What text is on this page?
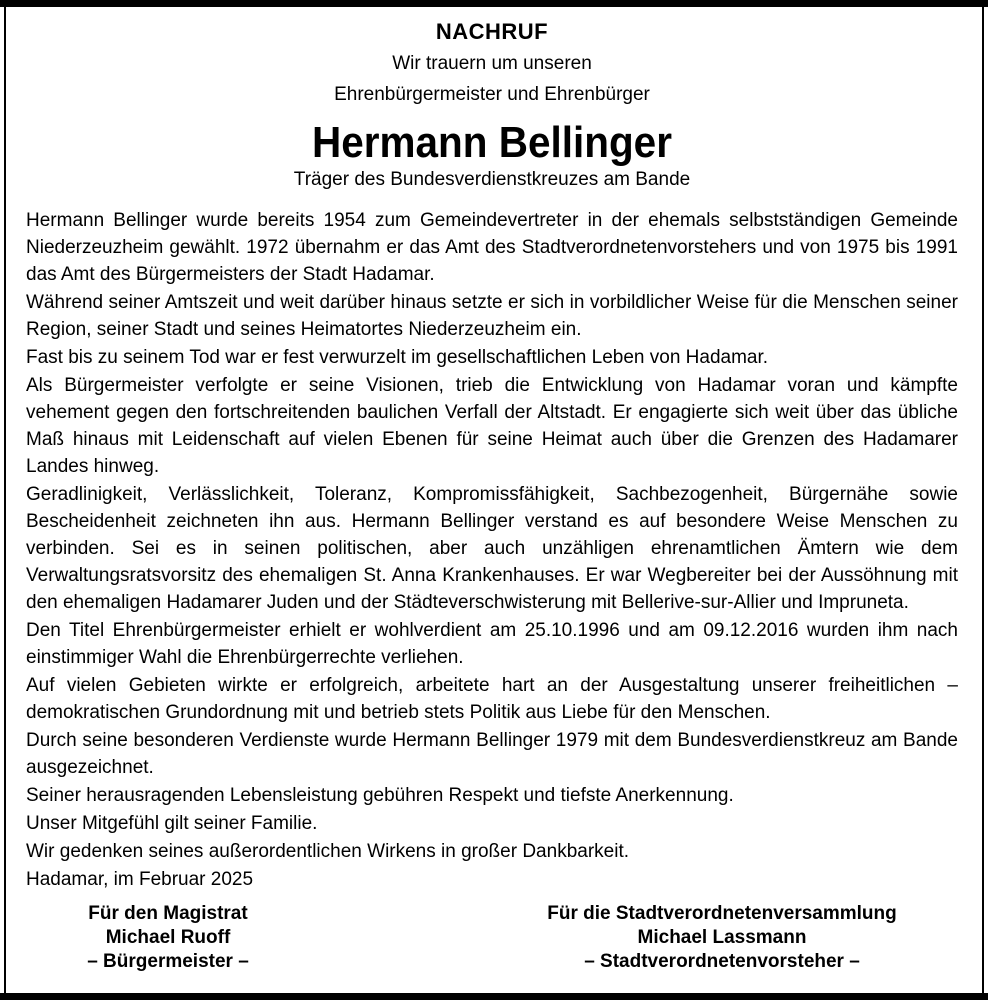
NACHRUF
Wir trauern um unseren
Ehrenbürgermeister und Ehrenbürger
Hermann Bellinger
Träger des Bundesverdienstkreuzes am Bande

Hermann Bellinger wurde bereits 1954 zum Gemeindevertreter in der ehemals selbstständigen Gemeinde Niederzeuzheim gewählt. 1972 übernahm er das Amt des Stadtverordnetenvorstehers und von 1975 bis 1991 das Amt des Bürgermeisters der Stadt Hadamar.

Während seiner Amtszeit und weit darüber hinaus setzte er sich in vorbildlicher Weise für die Menschen seiner Region, seiner Stadt und seines Heimatortes Niederzeuzheim ein.

Fast bis zu seinem Tod war er fest verwurzelt im gesellschaftlichen Leben von Hadamar.

Als Bürgermeister verfolgte er seine Visionen, trieb die Entwicklung von Hadamar voran und kämpfte vehement gegen den fortschreitenden baulichen Verfall der Altstadt. Er engagierte sich weit über das übliche Maß hinaus mit Leidenschaft auf vielen Ebenen für seine Heimat auch über die Grenzen des Hadamarer Landes hinweg.

Geradlinigkeit, Verlässlichkeit, Toleranz, Kompromissfähigkeit, Sachbezogenheit, Bürgernähe sowie Bescheidenheit zeichneten ihn aus. Hermann Bellinger verstand es auf besondere Weise Menschen zu verbinden. Sei es in seinen politischen, aber auch unzähligen ehrenamtlichen Ämtern wie dem Verwaltungsratsvorsitz des ehemaligen St. Anna Krankenhauses. Er war Wegbereiter bei der Aussöhnung mit den ehemaligen Hadamarer Juden und der Städteverschwisterung mit Bellerive-sur-Allier und Impruneta.

Den Titel Ehrenbürgermeister erhielt er wohlverdient am 25.10.1996 und am 09.12.2016 wurden ihm nach einstimmiger Wahl die Ehrenbürgerrechte verliehen.

Auf vielen Gebieten wirkte er erfolgreich, arbeitete hart an der Ausgestaltung unserer freiheitlichen – demokratischen Grundordnung mit und betrieb stets Politik aus Liebe für den Menschen.

Durch seine besonderen Verdienste wurde Hermann Bellinger 1979 mit dem Bundesverdienstkreuz am Bande ausgezeichnet.

Seiner herausragenden Lebensleistung gebühren Respekt und tiefste Anerkennung.

Unser Mitgefühl gilt seiner Familie.

Wir gedenken seines außerordentlichen Wirkens in großer Dankbarkeit.

Hadamar, im Februar 2025

Für den Magistrat

Michael Ruoff

– Bürgermeister –

Für die Stadtverordnetenversammlung

Michael Lassmann

– Stadtverordnetenvorsteher –
